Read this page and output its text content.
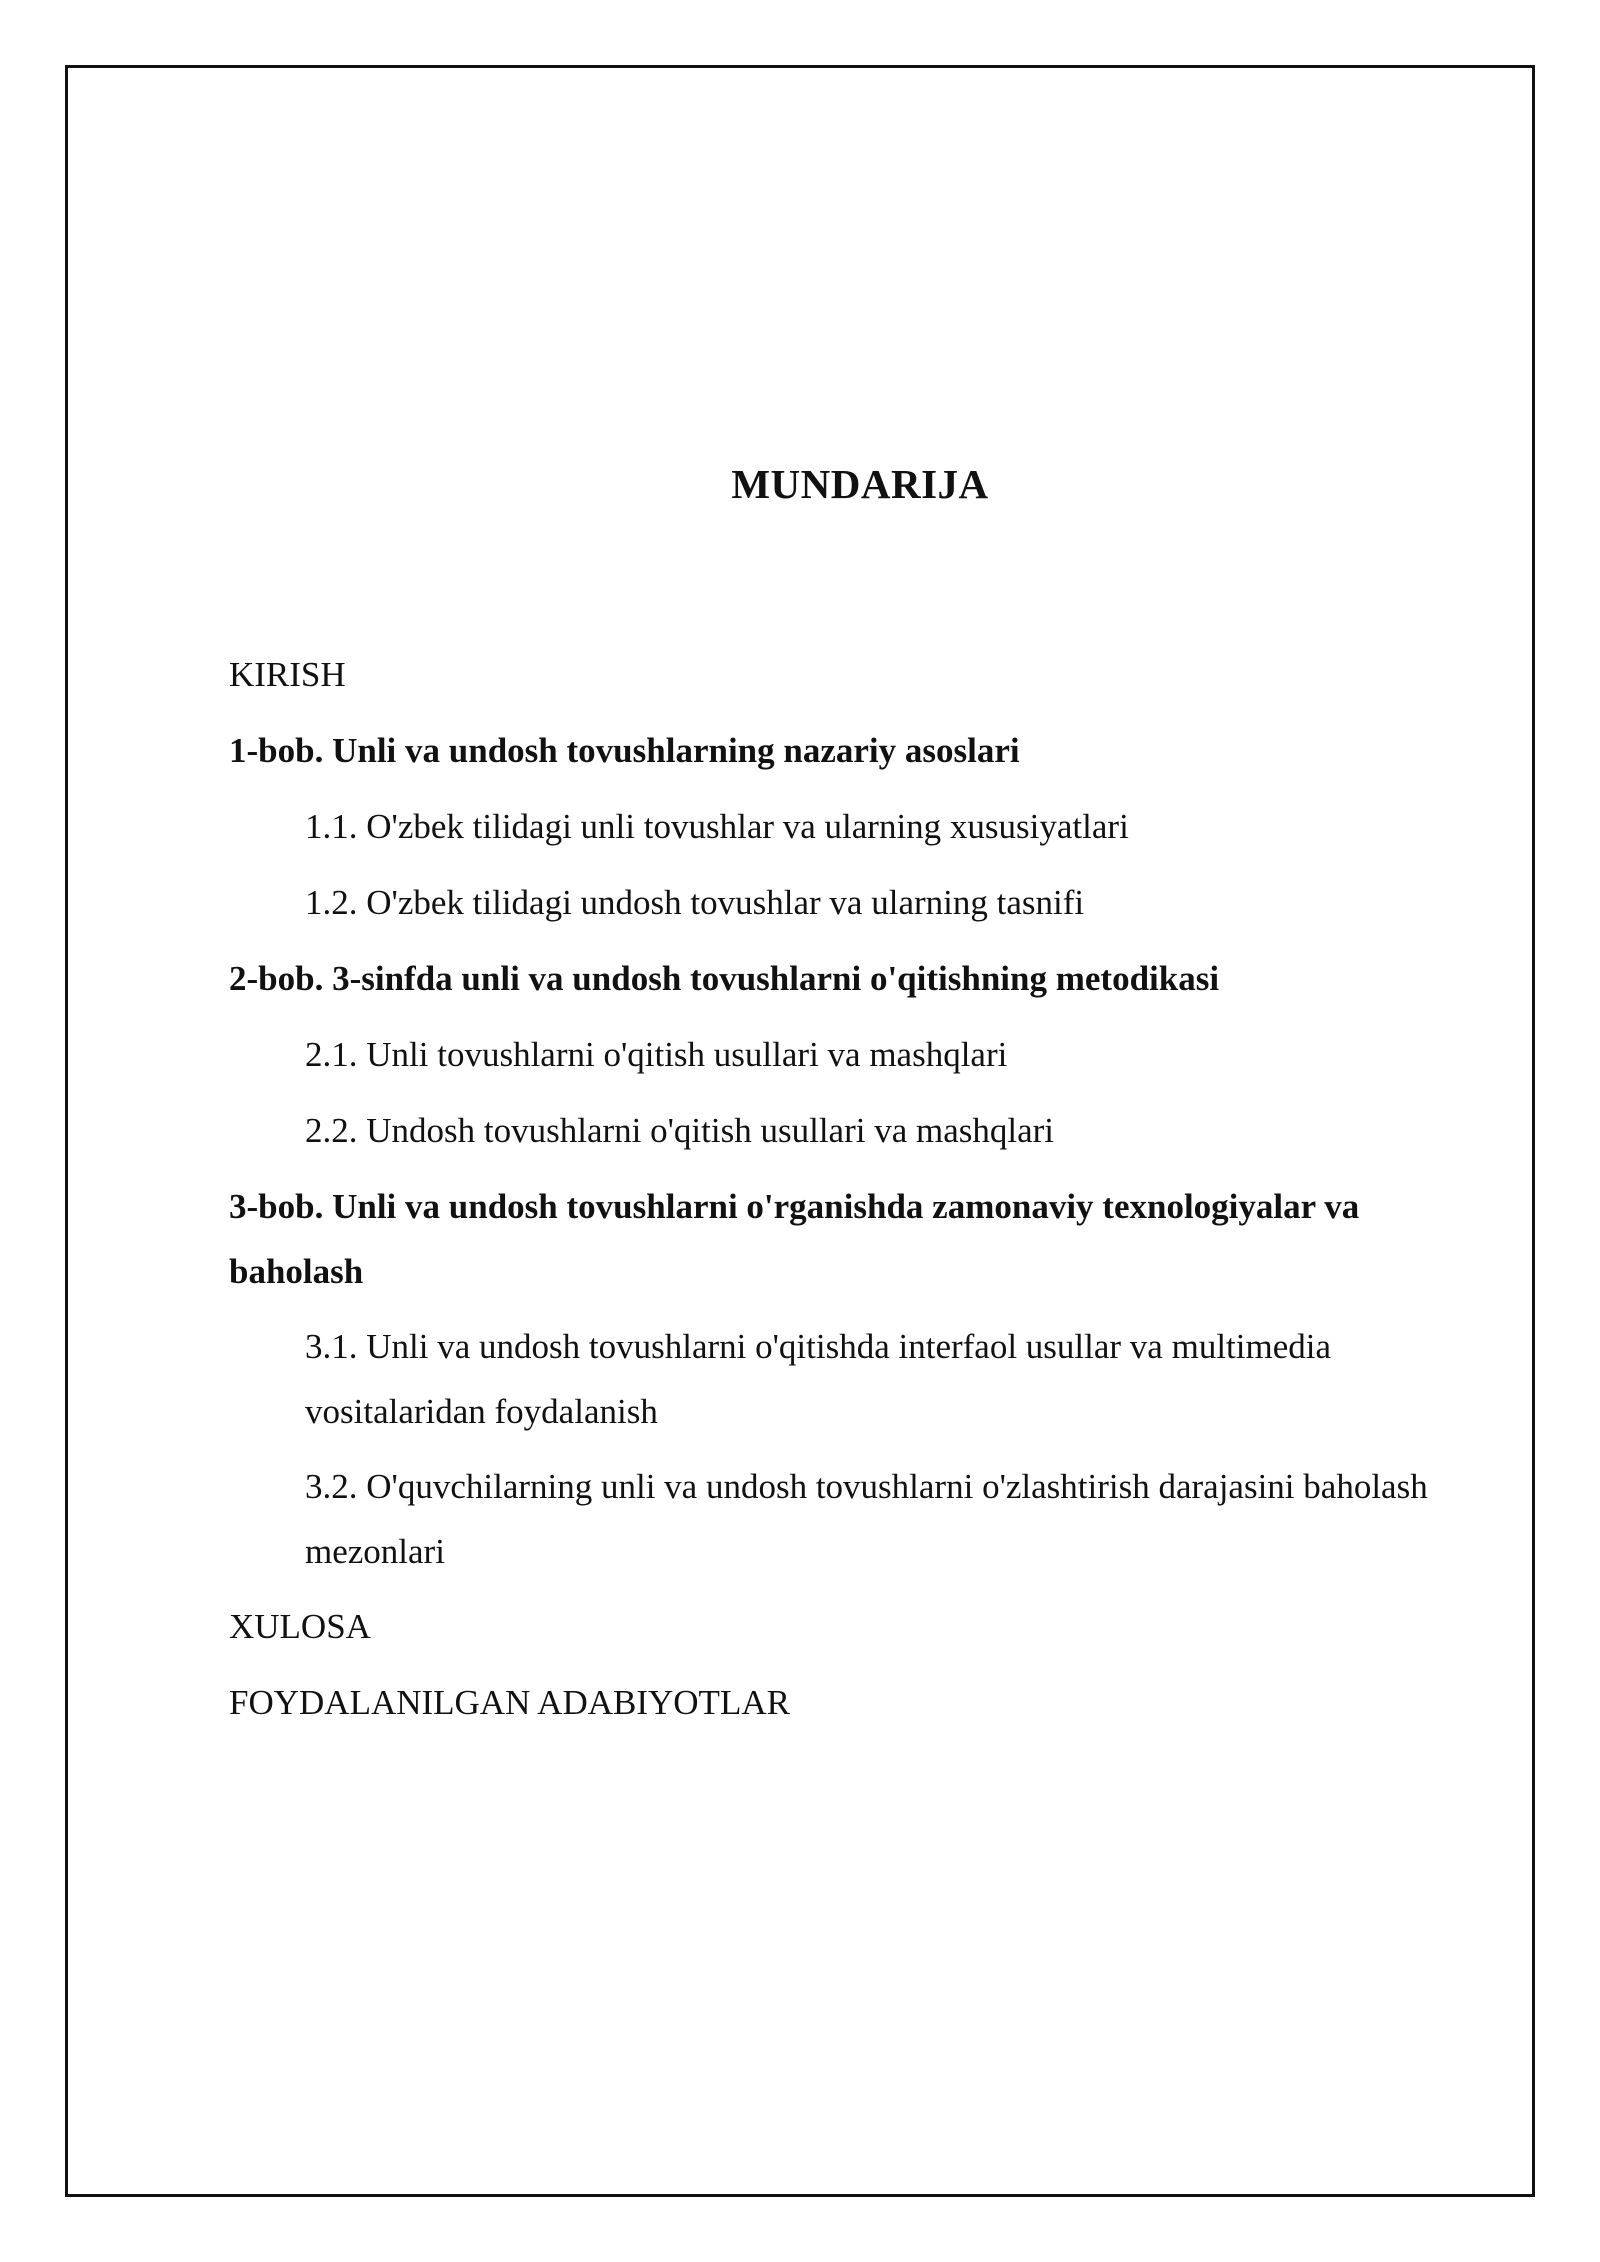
MUNDARIJA

KIRISH

1-bob. Unli va undosh tovushlarning nazariy asoslari

1.1. O'zbek tilidagi unli tovushlar va ularning xususiyatlari

1.2. O'zbek tilidagi undosh tovushlar va ularning tasnifi

2-bob. 3-sinfda unli va undosh tovushlarni o'qitishning metodikasi

2.1. Unli tovushlarni o'qitish usullari va mashqlari

2.2. Undosh tovushlarni o'qitish usullari va mashqlari

3-bob. Unli va undosh tovushlarni o'rganishda zamonaviy texnologiyalar va baholash

3.1. Unli va undosh tovushlarni o'qitishda interfaol usullar va multimedia vositalaridan foydalanish

3.2. O'quvchilarning unli va undosh tovushlarni o'zlashtirish darajasini baholash mezonlari

XULOSA

FOYDALANILGAN ADABIYOTLAR
